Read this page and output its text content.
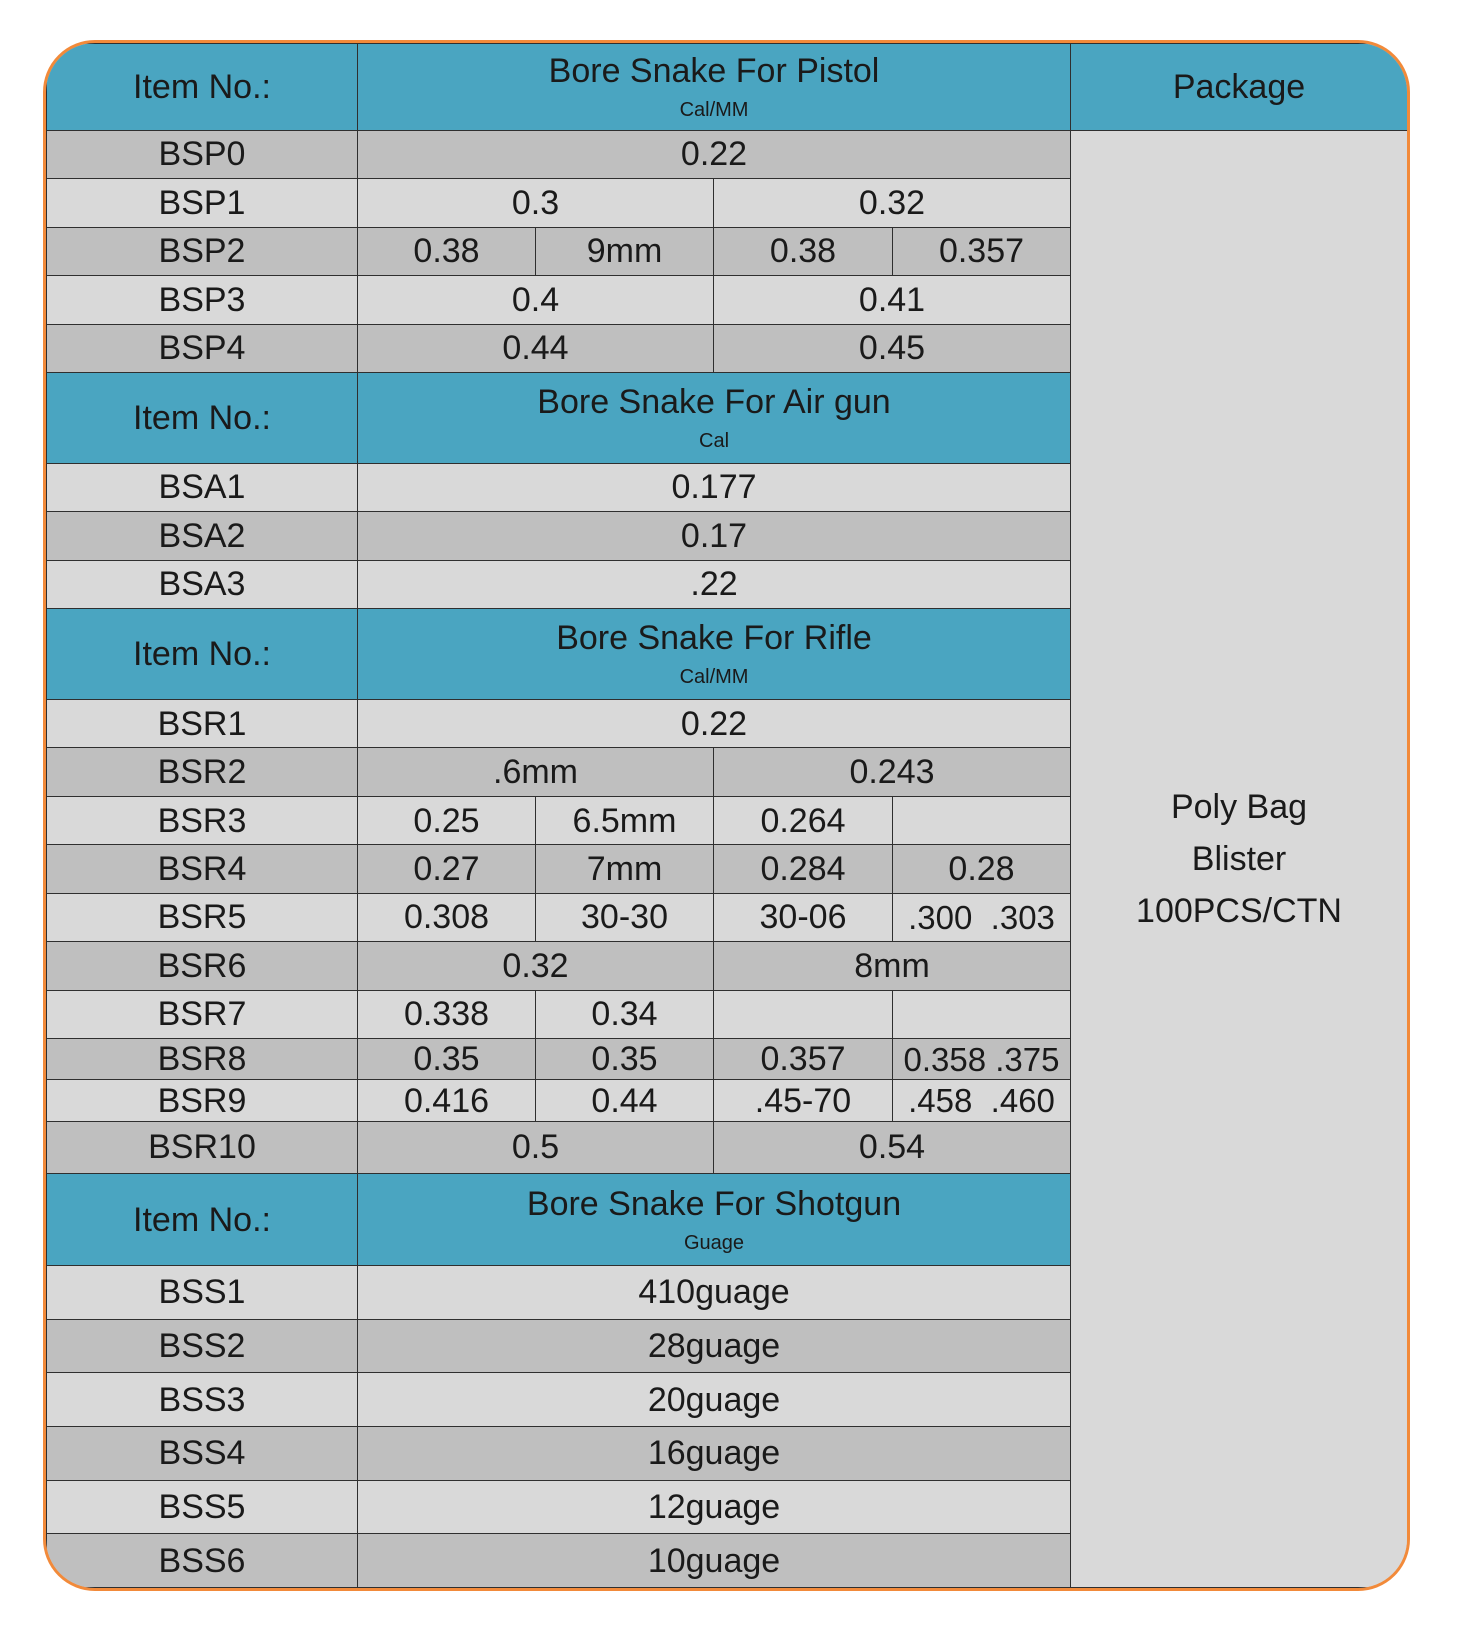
Item No.:	Bore Snake For Pistol
Cal/MM				Package
BSP0	0.22				Poly Bag
Blister
100PCS/CTN

BSP1	0.3		0.32		
BSP2	0.38	9mm	0.38	0.357	
BSP3	0.4		0.41		
BSP4	0.44		0.45		
Item No.:	Bore Snake For Air gun
Cal				

BSA1	0.177				
BSA2	0.17				
BSA3	.22				
Item No.:	Bore Snake For Rifle
Cal/MM				

BSR1	0.22				
BSR2	.6mm		0.243		
BSR3	0.25	6.5mm	0.264		
BSR4	0.27	7mm	0.284	0.28	
BSR5	0.308	30-30	30-06	.300  .303	
BSR6	0.32		8mm		
BSR7	0.338	0.34			
BSR8	0.35	0.35	0.357	0.358 .375	
BSR9	0.416	0.44	.45-70	.458  .460	
BSR10	0.5		0.54		
Item No.:	Bore Snake For Shotgun
Guage				

BSS1	410guage				
BSS2	28guage				
BSS3	20guage				
BSS4	16guage				
BSS5	12guage				
BSS6	10guage				
